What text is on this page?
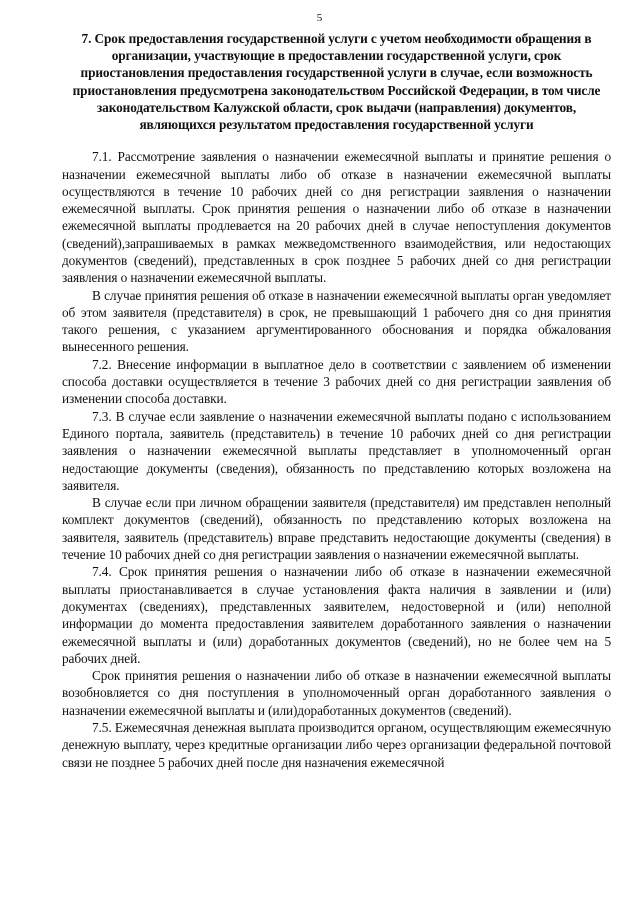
5
7. Срок предоставления государственной услуги с учетом необходимости обращения в организации, участвующие в предоставлении государственной услуги, срок приостановления предоставления государственной услуги в случае, если возможность приостановления предусмотрена законодательством Российской Федерации, в том числе законодательством Калужской области, срок выдачи (направления) документов, являющихся результатом предоставления государственной услуги

7.1. Рассмотрение заявления о назначении ежемесячной выплаты и принятие решения о назначении ежемесячной выплаты либо об отказе в назначении ежемесячной выплаты осуществляются в течение 10 рабочих дней со дня регистрации заявления о назначении ежемесячной выплаты. Срок принятия решения о назначении либо об отказе в назначении ежемесячной выплаты продлевается на 20 рабочих дней в случае непоступления документов (сведений),запрашиваемых в рамках межведомственного взаимодействия, или недостающих документов (сведений), представленных в срок позднее 5 рабочих дней со дня регистрации заявления о назначении ежемесячной выплаты.

В случае принятия решения об отказе в назначении ежемесячной выплаты орган уведомляет об этом заявителя (представителя) в срок, не превышающий 1 рабочего дня со дня принятия такого решения, с указанием аргументированного обоснования и порядка обжалования вынесенного решения.

7.2. Внесение информации в выплатное дело в соответствии с заявлением об изменении способа доставки осуществляется в течение 3 рабочих дней со дня регистрации заявления об изменении способа доставки.

7.3. В случае если заявление о назначении ежемесячной выплаты подано с использованием Единого портала, заявитель (представитель) в течение 10 рабочих дней со дня регистрации заявления о назначении ежемесячной выплаты представляет в уполномоченный орган недостающие документы (сведения), обязанность по представлению которых возложена на заявителя.

В случае если при личном обращении заявителя (представителя) им представлен неполный комплект документов (сведений), обязанность по представлению которых возложена на заявителя, заявитель (представитель) вправе представить недостающие документы (сведения) в течение 10 рабочих дней со дня регистрации заявления о назначении ежемесячной выплаты.

7.4. Срок принятия решения о назначении либо об отказе в назначении ежемесячной выплаты приостанавливается в случае установления факта наличия в заявлении и (или) документах (сведениях), представленных заявителем, недостоверной и (или) неполной информации до момента предоставления заявителем доработанного заявления о назначении ежемесячной выплаты и (или) доработанных документов (сведений), но не более чем на 5 рабочих дней.

Срок принятия решения о назначении либо об отказе в назначении ежемесячной выплаты возобновляется со дня поступления в уполномоченный орган доработанного заявления о назначении ежемесячной выплаты и (или)доработанных документов (сведений).

7.5. Ежемесячная денежная выплата производится органом, осуществляющим ежемесячную денежную выплату, через кредитные организации либо через организации федеральной почтовой связи не позднее 5 рабочих дней после дня назначения ежемесячной
